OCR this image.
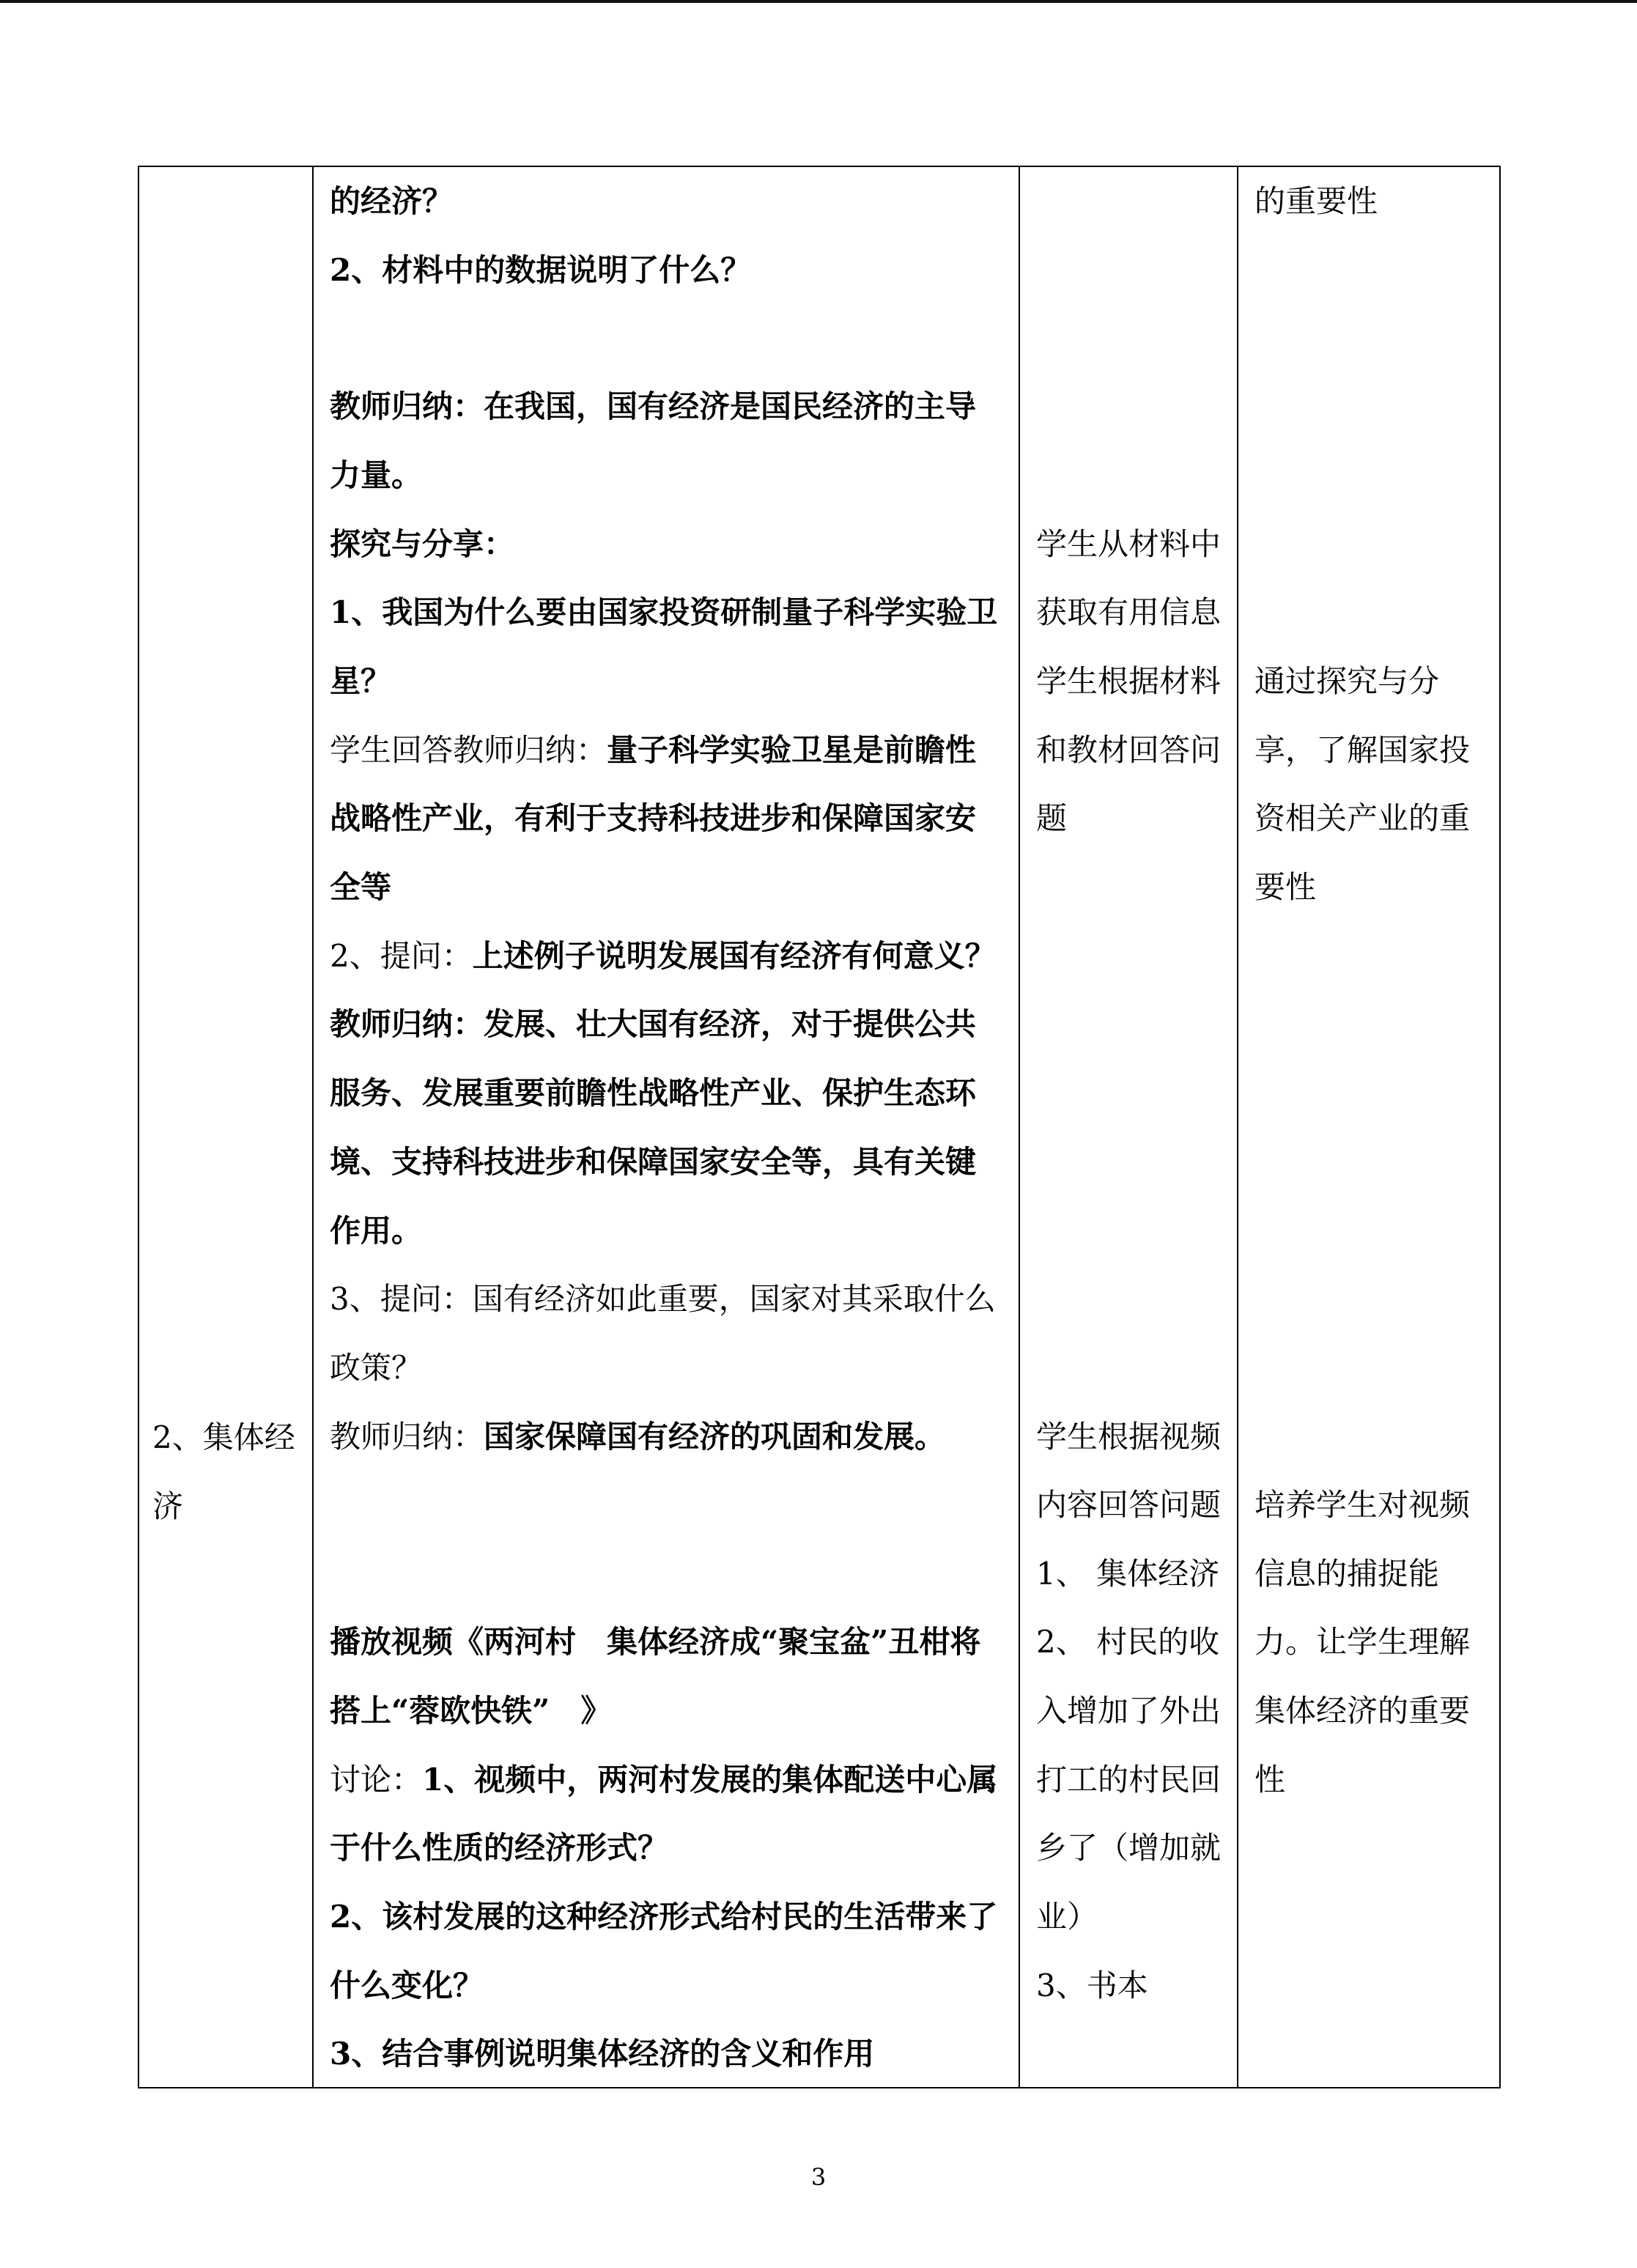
2、集体经
济
的经济？
2、材料中的数据说明了什么？
教师归纳：在我国，国有经济是国民经济的主导
力量。
探究与分享：
1、我国为什么要由国家投资研制量子科学实验卫
星？
学生回答教师归纳：量子科学实验卫星是前瞻性
战略性产业，有利于支持科技进步和保障国家安
全等
2、提问：上述例子说明发展国有经济有何意义？
教师归纳：发展、壮大国有经济，对于提供公共
服务、发展重要前瞻性战略性产业、保护生态环
境、支持科技进步和保障国家安全等，具有关键
作用。
3、提问：国有经济如此重要，国家对其采取什么
政策？
教师归纳：国家保障国有经济的巩固和发展。
播放视频《两河村　集体经济成“聚宝盆”丑柑将
搭上“蓉欧快铁”　》
讨论：1、视频中，两河村发展的集体配送中心属
于什么性质的经济形式？
2、该村发展的这种经济形式给村民的生活带来了
什么变化？
3、结合事例说明集体经济的含义和作用
学生从材料中
获取有用信息
学生根据材料
和教材回答问
题
学生根据视频
内容回答问题
1、 集体经济
2、 村民的收
入增加了外出
打工的村民回
乡了（增加就
业）
3、书本
的重要性
通过探究与分
享，了解国家投
资相关产业的重
要性
培养学生对视频
信息的捕捉能
力。让学生理解
集体经济的重要
性
3
